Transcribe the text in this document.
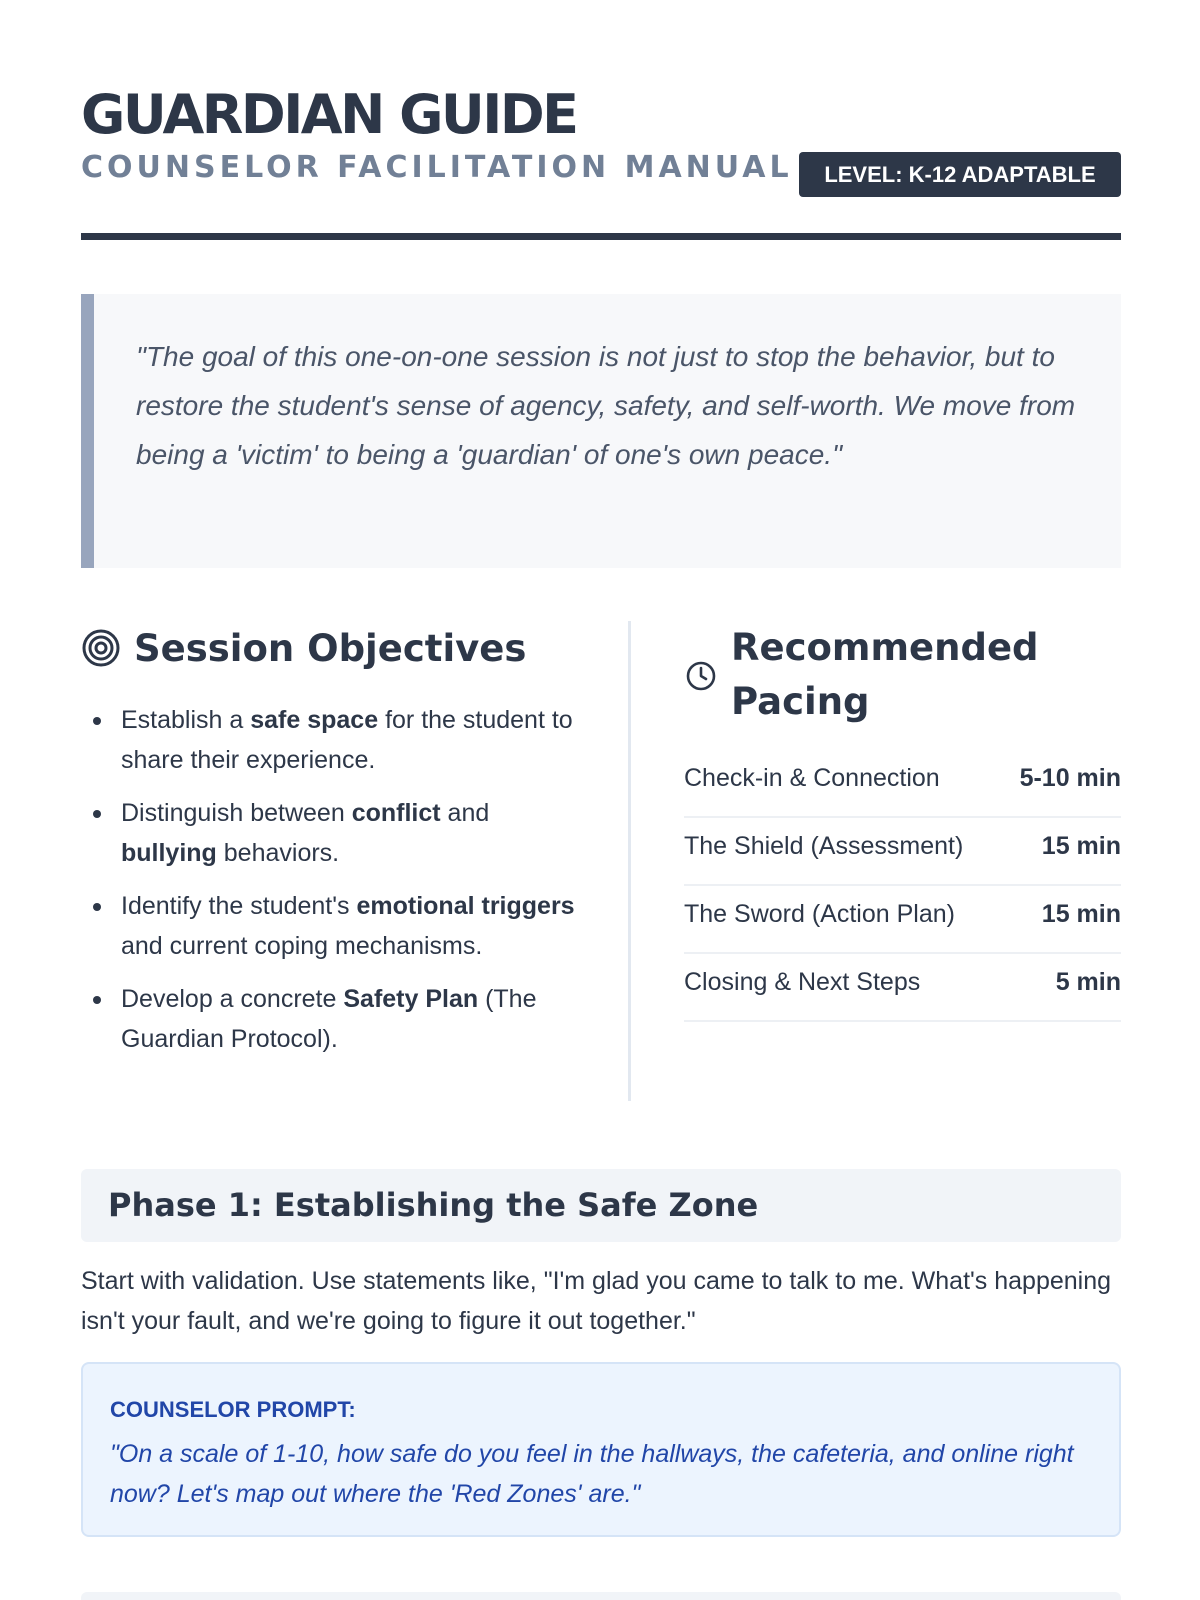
GUARDIAN GUIDE
COUNSELOR FACILITATION MANUAL	LEVEL: K-12 ADAPTABLE
"The goal of this one-on-one session is not just to stop the behavior, but to restore the student's sense of agency, safety, and self-worth. We move from being a 'victim' to being a 'guardian' of one's own peace."
Session Objectives
Establish a safe space for the student to share their experience.
Distinguish between conflict and bullying behaviors.
Identify the student's emotional triggers and current coping mechanisms.
Develop a concrete Safety Plan (The Guardian Protocol).
Recommended
Pacing
Check-in & Connection	5-10 min
The Shield (Assessment)	15 min
The Sword (Action Plan)	15 min
Closing & Next Steps	5 min
Phase 1: Establishing the Safe Zone
Start with validation. Use statements like, "I'm glad you came to talk to me. What's happening isn't your fault, and we're going to figure it out together."
COUNSELOR PROMPT:
"On a scale of 1-10, how safe do you feel in the hallways, the cafeteria, and online right now? Let's map out where the 'Red Zones' are."
